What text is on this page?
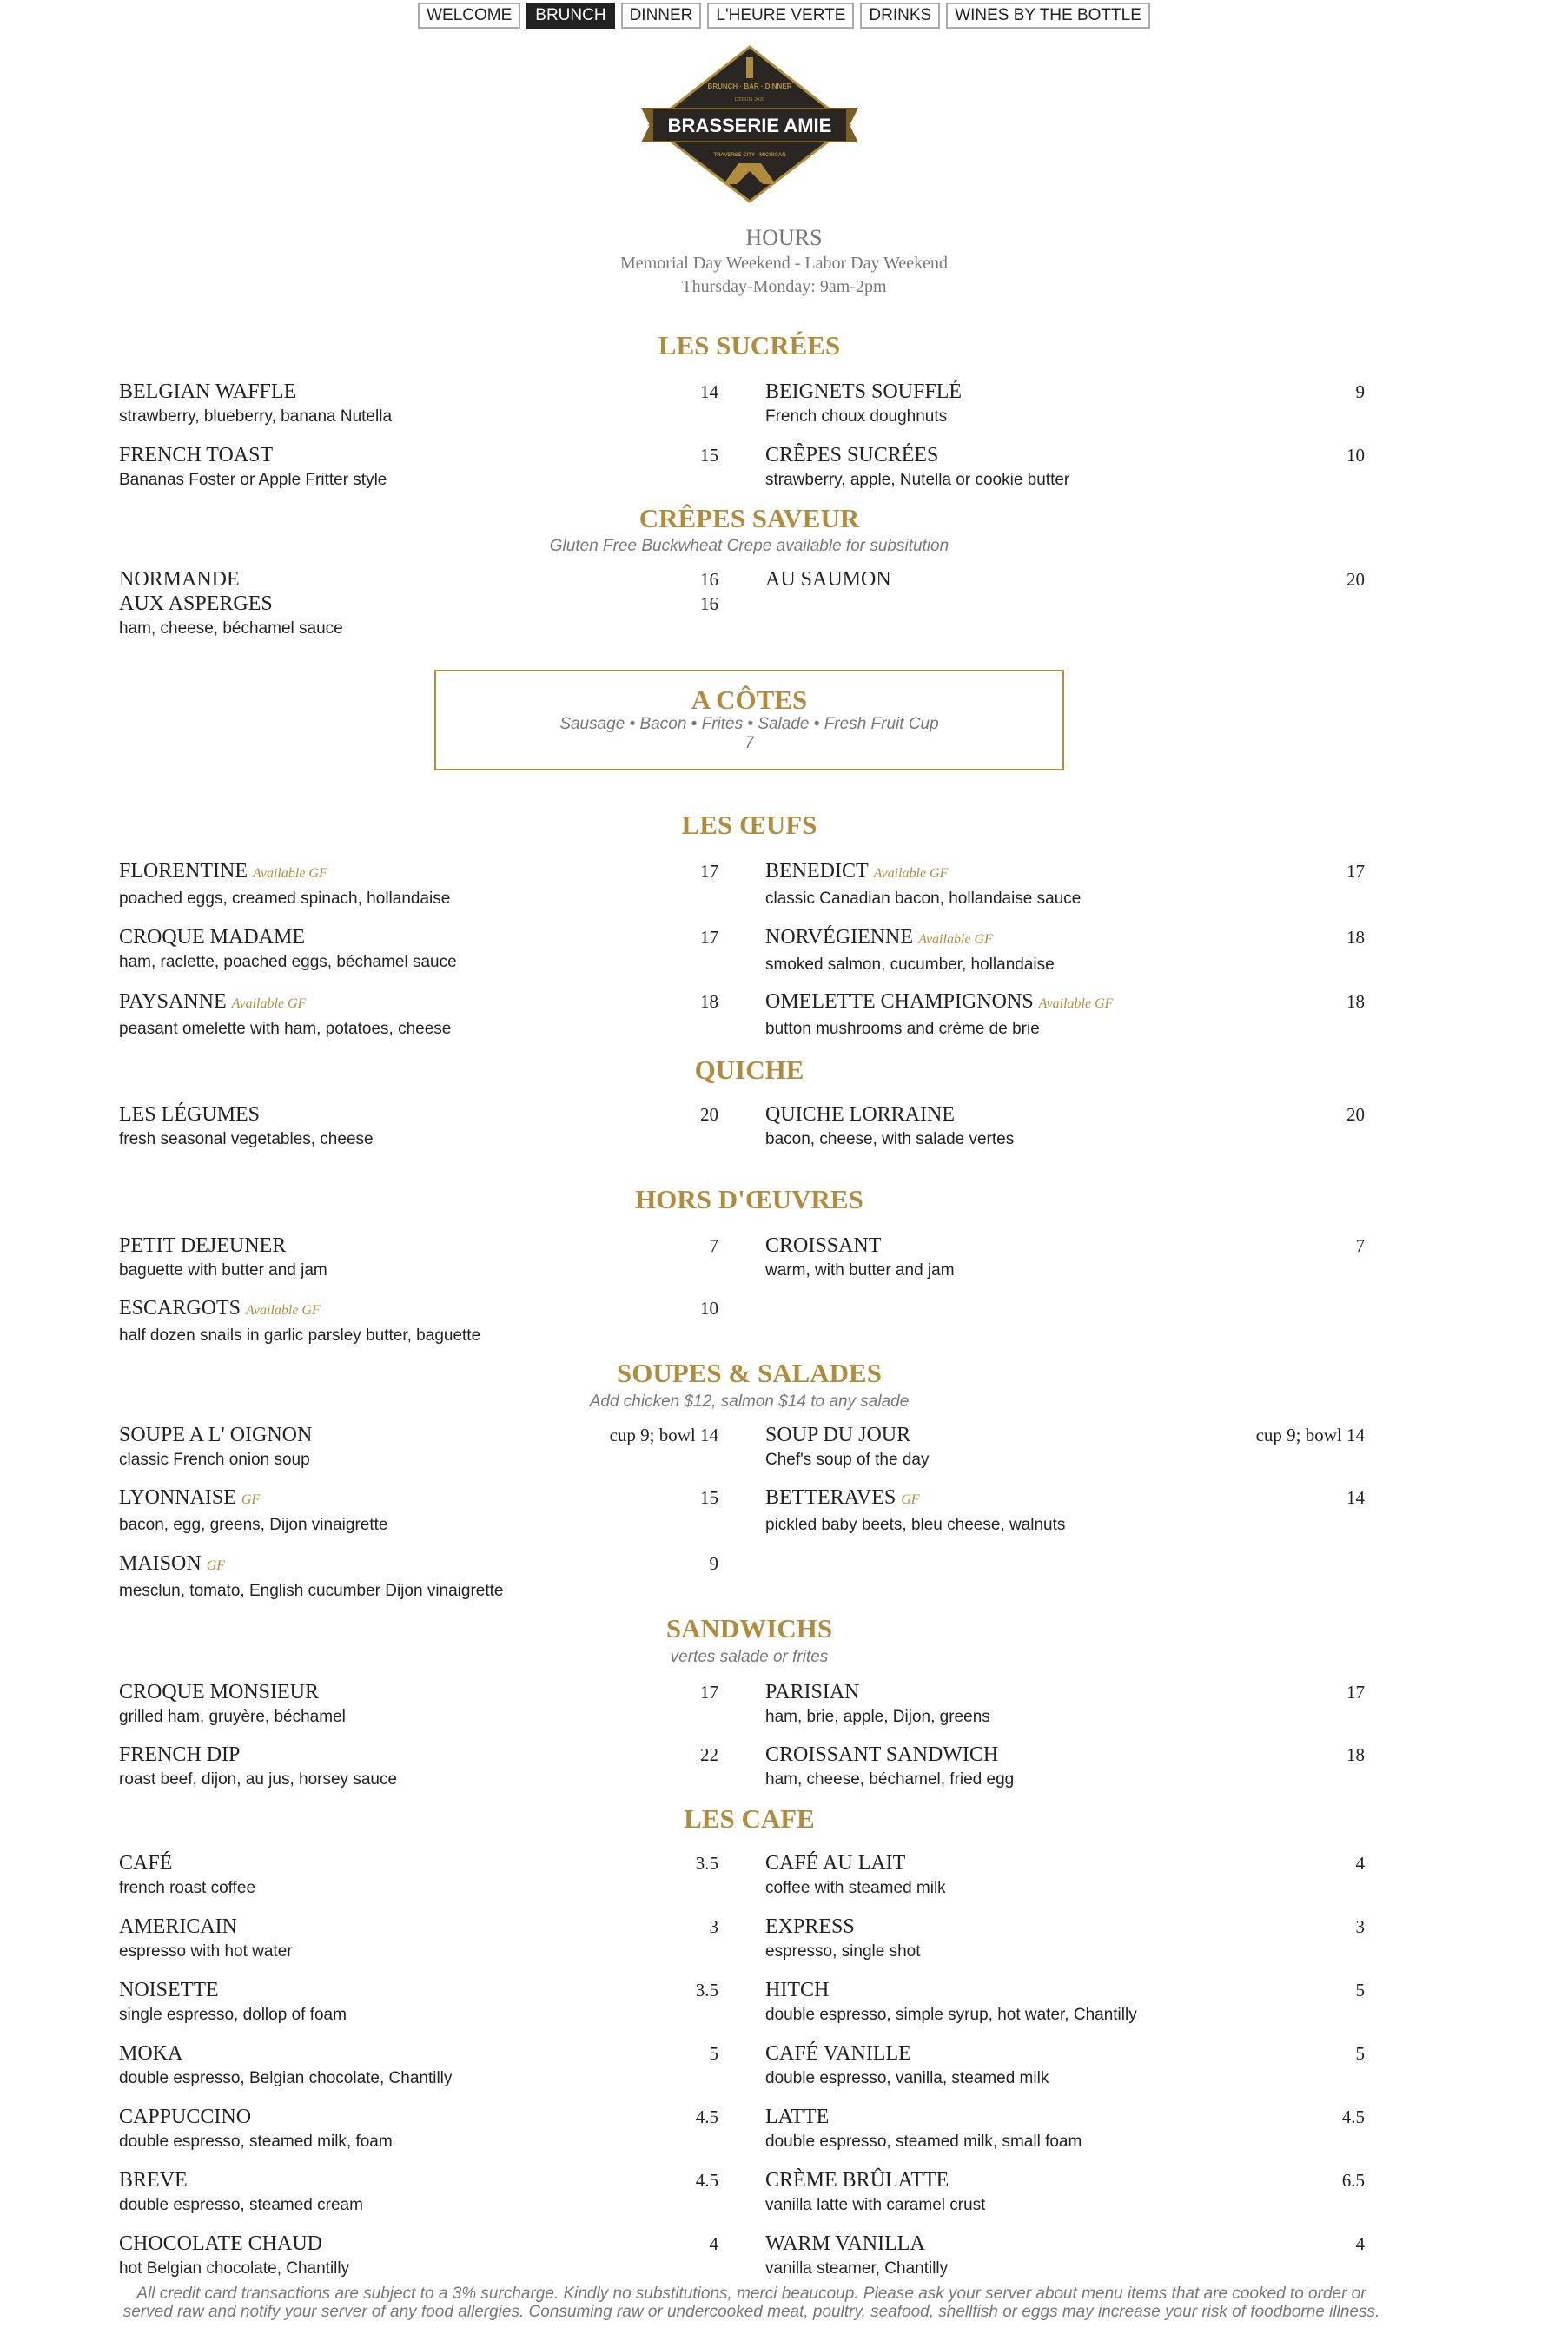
WELCOME	BRUNCH	DINNER	L'HEURE VERTE	DRINKS	WINES BY THE BOTTLE
BRUNCH · BAR · DINNER
DEPUIS 2020
BRASSERIE AMIE
TRAVERSE CITY · MICHIGAN
HOURS
Memorial Day Weekend - Labor Day Weekend
Thursday-Monday: 9am-2pm
A CÔTES
Sausage • Bacon • Frites • Salade • Fresh Fruit Cup
7
LES SUCRÉES
BELGIAN WAFFLE	14
strawberry, blueberry, banana Nutella
BEIGNETS SOUFFLÉ	9
French choux doughnuts
FRENCH TOAST	15
Bananas Foster or Apple Fritter style
CRÊPES SUCRÉES	10
strawberry, apple, Nutella or cookie butter
CRÊPES SAVEUR
Gluten Free Buckwheat Crepe available for subsitution
NORMANDE	16
AUX ASPERGES	16
ham, cheese, béchamel sauce
AU SAUMON	20
LES ŒUFS
FLORENTINE Available GF	17
poached eggs, creamed spinach, hollandaise
BENEDICT Available GF	17
classic Canadian bacon, hollandaise sauce
CROQUE MADAME	17
ham, raclette, poached eggs, béchamel sauce
NORVÉGIENNE Available GF	18
smoked salmon, cucumber, hollandaise
PAYSANNE Available GF	18
peasant omelette with ham, potatoes, cheese
OMELETTE CHAMPIGNONS Available GF	18
button mushrooms and crème de brie
QUICHE
LES LÉGUMES	20
fresh seasonal vegetables, cheese
QUICHE LORRAINE	20
bacon, cheese, with salade vertes
HORS D'ŒUVRES
PETIT DEJEUNER	7
baguette with butter and jam
CROISSANT	7
warm, with butter and jam
ESCARGOTS Available GF	10
half dozen snails in garlic parsley butter, baguette
SOUPES & SALADES
Add chicken $12, salmon $14 to any salade
SOUPE A L' OIGNON	cup 9; bowl 14
classic French onion soup
SOUP DU JOUR	cup 9; bowl 14
Chef's soup of the day
LYONNAISE GF	15
bacon, egg, greens, Dijon vinaigrette
BETTERAVES GF	14
pickled baby beets, bleu cheese, walnuts
MAISON GF	9
mesclun, tomato, English cucumber Dijon vinaigrette
SANDWICHS
vertes salade or frites
CROQUE MONSIEUR	17
grilled ham, gruyère, béchamel
PARISIAN	17
ham, brie, apple, Dijon, greens
FRENCH DIP	22
roast beef, dijon, au jus, horsey sauce
CROISSANT SANDWICH	18
ham, cheese, béchamel, fried egg
LES CAFE
CAFÉ	3.5
french roast coffee
CAFÉ AU LAIT	4
coffee with steamed milk
AMERICAIN	3
espresso with hot water
EXPRESS	3
espresso, single shot
NOISETTE	3.5
single espresso, dollop of foam
HITCH	5
double espresso, simple syrup, hot water, Chantilly
MOKA	5
double espresso, Belgian chocolate, Chantilly
CAFÉ VANILLE	5
double espresso, vanilla, steamed milk
CAPPUCCINO	4.5
double espresso, steamed milk, foam
LATTE	4.5
double espresso, steamed milk, small foam
BREVE	4.5
double espresso, steamed cream
CRÈME BRÛLATTE	6.5
vanilla latte with caramel crust
CHOCOLATE CHAUD	4
hot Belgian chocolate, Chantilly
WARM VANILLA	4
vanilla steamer, Chantilly
All credit card transactions are subject to a 3% surcharge. Kindly no substitutions, merci beaucoup. Please ask your server about menu items that are cooked to order or served raw and notify your server of any food allergies. Consuming raw or undercooked meat, poultry, seafood, shellfish or eggs may increase your risk of foodborne illness.
